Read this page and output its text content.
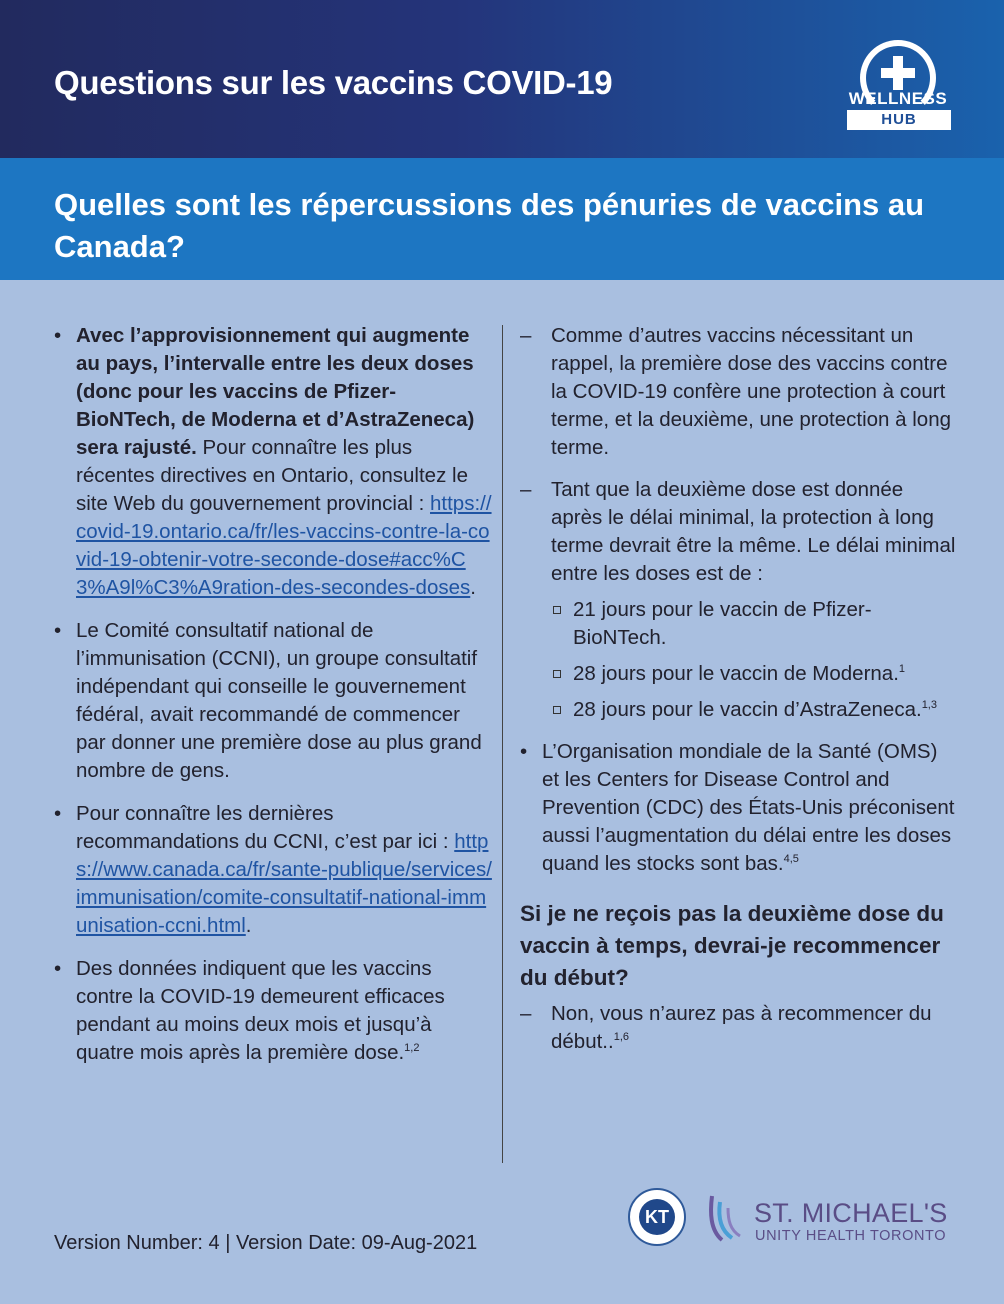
Questions sur les vaccins COVID-19	WELLNESS
HUB
Quelles sont les répercussions des pénuries de vaccins au Canada?
• Avec l’approvisionnement qui augmente au pays, l’intervalle entre les deux doses (donc pour les vaccins de Pfizer-BioNTech, de Moderna et d’AstraZeneca) sera rajusté. Pour connaître les plus récentes directives en Ontario, consultez le site Web du gouvernement provincial : https://covid-19.ontario.ca/fr/les-vaccins-contre-la-covid-19-obtenir-votre-seconde-dose#acc%C3%A9l%C3%A9ration-des-secondes-doses.
• Le Comité consultatif national de l’immunisation (CCNI), un groupe consultatif indépendant qui conseille le gouvernement fédéral, avait recommandé de commencer par donner une première dose au plus grand nombre de gens.
• Pour connaître les dernières recommandations du CCNI, c’est par ici : https://www.canada.ca/fr/sante-publique/services/immunisation/comite-consultatif-national-immunisation-ccni.html.
• Des données indiquent que les vaccins contre la COVID-19 demeurent efficaces pendant au moins deux mois et jusqu’à quatre mois après la première dose.$^{1,2}$
– Comme d’autres vaccins nécessitant un rappel, la première dose des vaccins contre la COVID-19 confère une protection à court terme, et la deuxième, une protection à long terme.
– Tant que la deuxième dose est donnée après le délai minimal, la protection à long terme devrait être la même. Le délai minimal entre les doses est de :
21 jours pour le vaccin de Pfizer-BioNTech.
28 jours pour le vaccin de Moderna.$^1$
28 jours pour le vaccin d’AstraZeneca.$^{1,3}$
• L’Organisation mondiale de la Santé (OMS) et les Centers for Disease Control and Prevention (CDC) des États-Unis préconisent aussi l’augmentation du délai entre les doses quand les stocks sont bas.$^{4,5}$
Si je ne reçois pas la deuxième dose du vaccin à temps, devrai-je recommencer du début?
– Non, vous n’aurez pas à recommencer du début..$^{1,6}$
Version Number: 4 | Version Date: 09-Aug-2021
KT	ST. MICHAEL'S
UNITY HEALTH TORONTO
